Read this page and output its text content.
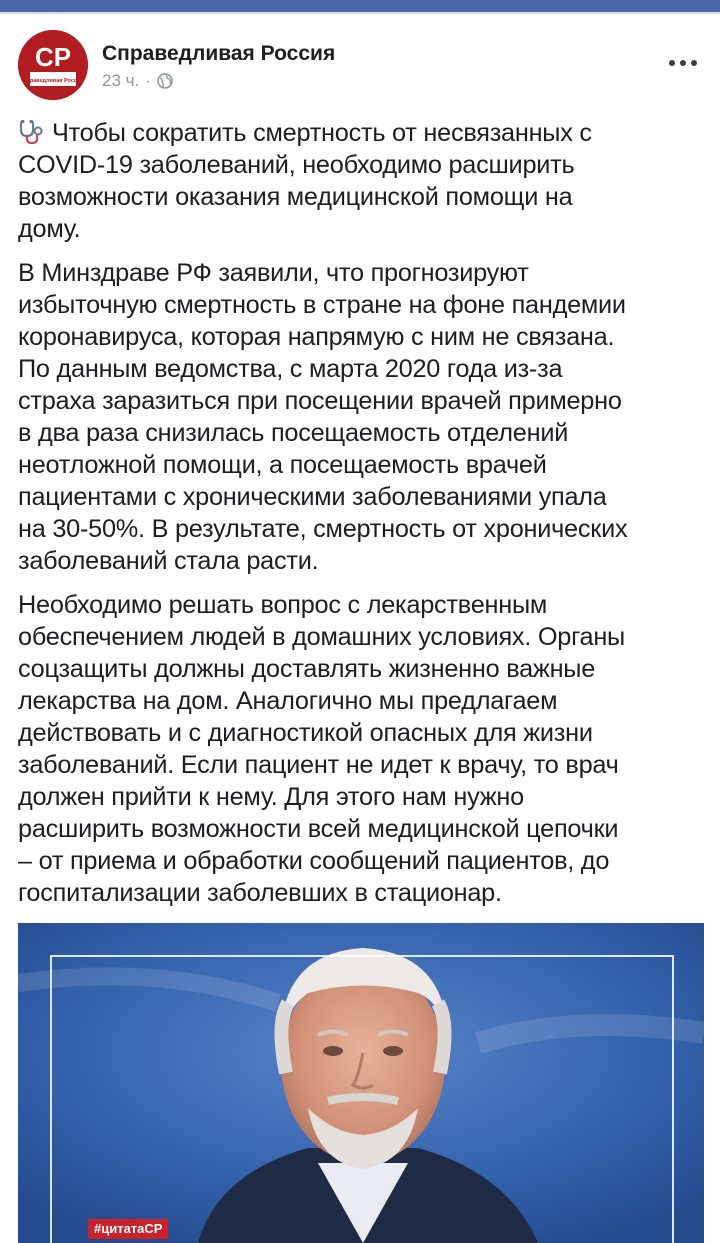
СР
Справедливая Россия
Справедливая Россия
23 ч. ·

Чтобы сократить смертность от несвязанных с
COVID-19 заболеваний, необходимо расширить
возможности оказания медицинской помощи на
дому.

В Минздраве РФ заявили, что прогнозируют
избыточную смертность в стране на фоне пандемии
коронавируса, которая напрямую с ним не связана.
По данным ведомства, с марта 2020 года из-за
страха заразиться при посещении врачей примерно
в два раза снизилась посещаемость отделений
неотложной помощи, а посещаемость врачей
пациентами с хроническими заболеваниями упала
на 30-50%. В результате, смертность от хронических
заболеваний стала расти.

Необходимо решать вопрос с лекарственным
обеспечением людей в домашних условиях. Органы
соцзащиты должны доставлять жизненно важные
лекарства на дом. Аналогично мы предлагаем
действовать и с диагностикой опасных для жизни
заболеваний. Если пациент не идет к врачу, то врач
должен прийти к нему. Для этого нам нужно
расширить возможности всей медицинской цепочки
– от приема и обработки сообщений пациентов, до
госпитализации заболевших в стационар.

#цитатаСР
